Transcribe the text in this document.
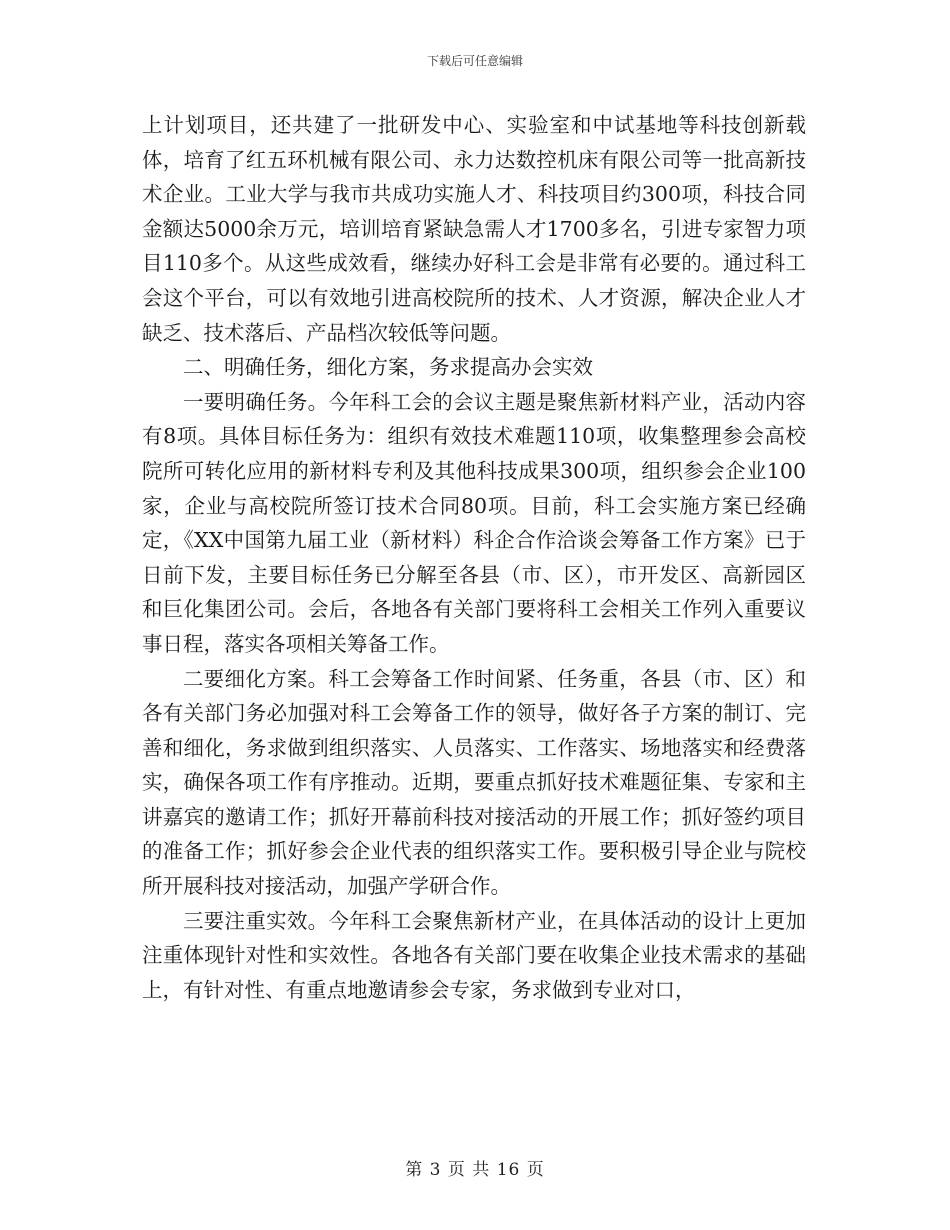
下载后可任意编辑

上计划项目，还共建了一批研发中心、实验室和中试基地等科技创新载体，培育了红五环机械有限公司、永力达数控机床有限公司等一批高新技术企业。工业大学与我市共成功实施人才、科技项目约300项，科技合同金额达5000余万元，培训培育紧缺急需人才1700多名，引进专家智力项目110多个。从这些成效看，继续办好科工会是非常有必要的。通过科工会这个平台，可以有效地引进高校院所的技术、人才资源，解决企业人才缺乏、技术落后、产品档次较低等问题。

二、明确任务，细化方案，务求提高办会实效

一要明确任务。今年科工会的会议主题是聚焦新材料产业，活动内容有8项。具体目标任务为：组织有效技术难题110项，收集整理参会高校院所可转化应用的新材料专利及其他科技成果300项，组织参会企业100家，企业与高校院所签订技术合同80项。目前，科工会实施方案已经确定，《XX中国第九届工业（新材料）科企合作洽谈会筹备工作方案》已于日前下发，主要目标任务已分解至各县（市、区），市开发区、高新园区和巨化集团公司。会后，各地各有关部门要将科工会相关工作列入重要议事日程，落实各项相关筹备工作。

二要细化方案。科工会筹备工作时间紧、任务重，各县（市、区）和各有关部门务必加强对科工会筹备工作的领导，做好各子方案的制订、完善和细化，务求做到组织落实、人员落实、工作落实、场地落实和经费落实，确保各项工作有序推动。近期，要重点抓好技术难题征集、专家和主讲嘉宾的邀请工作；抓好开幕前科技对接活动的开展工作；抓好签约项目的准备工作；抓好参会企业代表的组织落实工作。要积极引导企业与院校所开展科技对接活动，加强产学研合作。

三要注重实效。今年科工会聚焦新材产业，在具体活动的设计上更加注重体现针对性和实效性。各地各有关部门要在收集企业技术需求的基础上，有针对性、有重点地邀请参会专家，务求做到专业对口，

第 3 页 共 16 页
